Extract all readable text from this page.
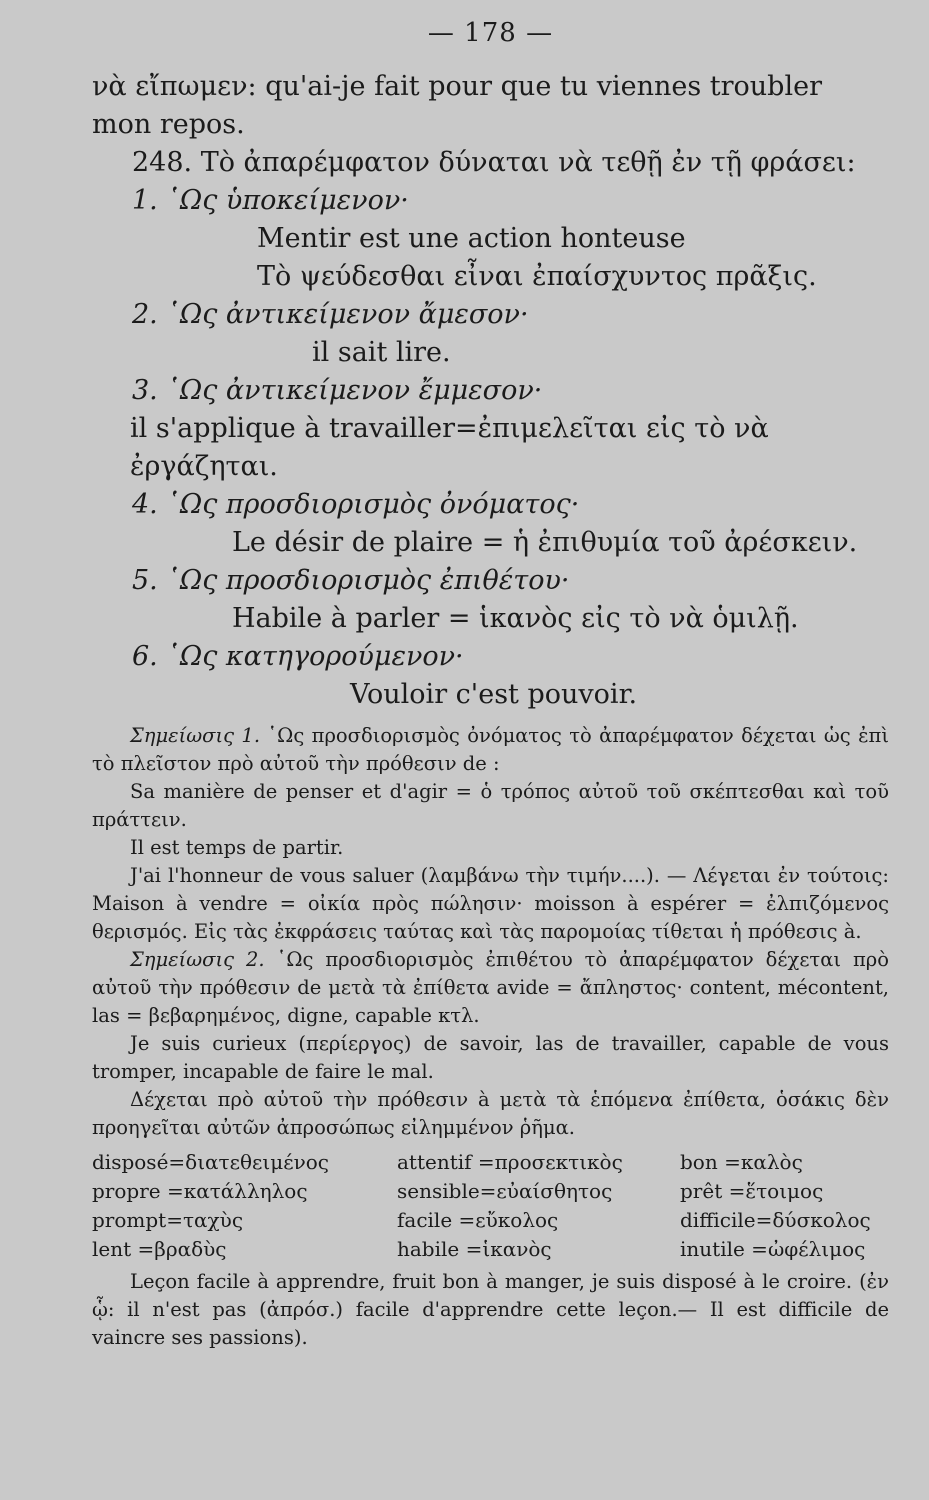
— 178 —

νὰ εἴπωμεν: qu'ai-je fait pour que tu viennes troubler mon repos.

248. Τὸ ἀπαρέμφατον δύναται νὰ τεθῇ ἐν τῇ φράσει:

1. ῾Ως ὑποκείμενον·

Mentir est une action honteuse

Τὸ ψεύδεσθαι εἶναι ἐπαίσχυντος πρᾶξις.

2. ῾Ως ἀντικείμενον ἄμεσον·

il sait lire.

3. ῾Ως ἀντικείμενον ἔμμεσον·

il s'applique à travailler=ἐπιμελεῖται εἰς τὸ νὰ ἐργάζηται.

4. ῾Ως προσδιορισμὸς ὀνόματος·

Le désir de plaire = ἡ ἐπιθυμία τοῦ ἀρέσκειν.

5. ῾Ως προσδιορισμὸς ἐπιθέτου·

Habile à parler = ἱκανὸς εἰς τὸ νὰ ὁμιλῇ.

6. ῾Ως κατηγορούμενον·

Vouloir c'est pouvoir.

Σημείωσις 1. ῾Ως προσδιορισμὸς ὀνόματος τὸ ἀπαρέμφατον δέχεται ὡς ἐπὶ τὸ πλεῖστον πρὸ αὐτοῦ τὴν πρόθεσιν de :

Sa manière de penser et d'agir = ὁ τρόπος αὐτοῦ τοῦ σκέπτεσθαι καὶ τοῦ πράττειν.

Il est temps de partir.

J'ai l'honneur de vous saluer (λαμβάνω τὴν τιμήν....). — Λέγεται ἐν τούτοις: Maison à vendre = οἰκία πρὸς πώλησιν· moisson à espérer = ἐλπιζόμενος θερισμός. Εἰς τὰς ἐκφράσεις ταύτας καὶ τὰς παρομοίας τίθεται ἡ πρόθεσις à.

Σημείωσις 2. ῾Ως προσδιορισμὸς ἐπιθέτου τὸ ἀπαρέμφατον δέχεται πρὸ αὐτοῦ τὴν πρόθεσιν de μετὰ τὰ ἐπίθετα avide = ἄπληστος· content, mécontent, las = βεβαρημένος, digne, capable κτλ.

Je suis curieux (περίεργος) de savoir, las de travailler, capable de vous tromper, incapable de faire le mal.

Δέχεται πρὸ αὐτοῦ τὴν πρόθεσιν à μετὰ τὰ ἑπόμενα ἐπίθετα, ὁσάκις δὲν προηγεῖται αὐτῶν ἀπροσώπως εἰλημμένον ῥῆμα.

disposé=διατεθειμένος	attentif =προσεκτικὸς	bon =καλὸς
propre =κατάλληλος	sensible=εὐαίσθητος	prêt =ἕτοιμος
prompt=ταχὺς	facile =εὔκολος	difficile=δύσκολος
lent =βραδὺς	habile =ἱκανὸς	inutile =ὠφέλιμος

Leçon facile à apprendre, fruit bon à manger, je suis disposé à le croire. (ἐν ᾧ: il n'est pas (ἀπρόσ.) facile d'apprendre cette leçon.— Il est difficile de vaincre ses passions).
